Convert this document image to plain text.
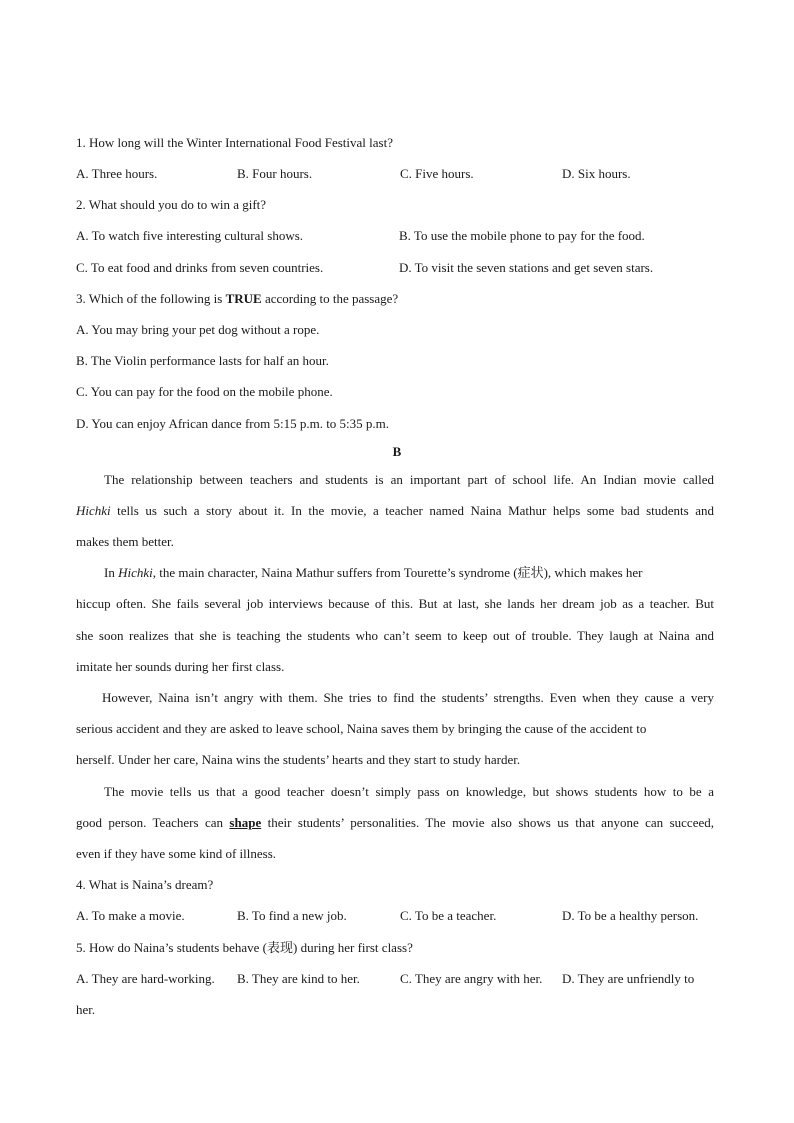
1. How long will the Winter International Food Festival last?
A. Three hours.	B. Four hours.	C. Five hours.	D. Six hours.
2. What should you do to win a gift?
A. To watch five interesting cultural shows.	B. To use the mobile phone to pay for the food.
C. To eat food and drinks from seven countries.	D. To visit the seven stations and get seven stars.
3. Which of the following is TRUE according to the passage?
A. You may bring your pet dog without a rope.
B. The Violin performance lasts for half an hour.
C. You can pay for the food on the mobile phone.
D. You can enjoy African dance from 5:15 p.m. to 5:35 p.m.
B
The relationship between teachers and students is an important part of school life. An Indian movie called
Hichki tells us such a story about it. In the movie, a teacher named Naina Mathur helps some bad students and
makes them better.
In Hichki, the main character, Naina Mathur suffers from Tourette’s syndrome (症状), which makes her
hiccup often. She fails several job interviews because of this. But at last, she lands her dream job as a teacher. But
she soon realizes that she is teaching the students who can’t seem to keep out of trouble. They laugh at Naina and
imitate her sounds during her first class.
However, Naina isn’t angry with them. She tries to find the students’ strengths. Even when they cause a very
serious accident and they are asked to leave school, Naina saves them by bringing the cause of the accident to
herself. Under her care, Naina wins the students’ hearts and they start to study harder.
The movie tells us that a good teacher doesn’t simply pass on knowledge, but shows students how to be a
good person. Teachers can shape their students’ personalities. The movie also shows us that anyone can succeed,
even if they have some kind of illness.
4. What is Naina’s dream?
A. To make a movie.	B. To find a new job.	C. To be a teacher.	D. To be a healthy person.
5. How do Naina’s students behave (表现) during her first class?
A. They are hard-working. B. They are kind to her.	C. They are angry with her. D. They are unfriendly to
her.
